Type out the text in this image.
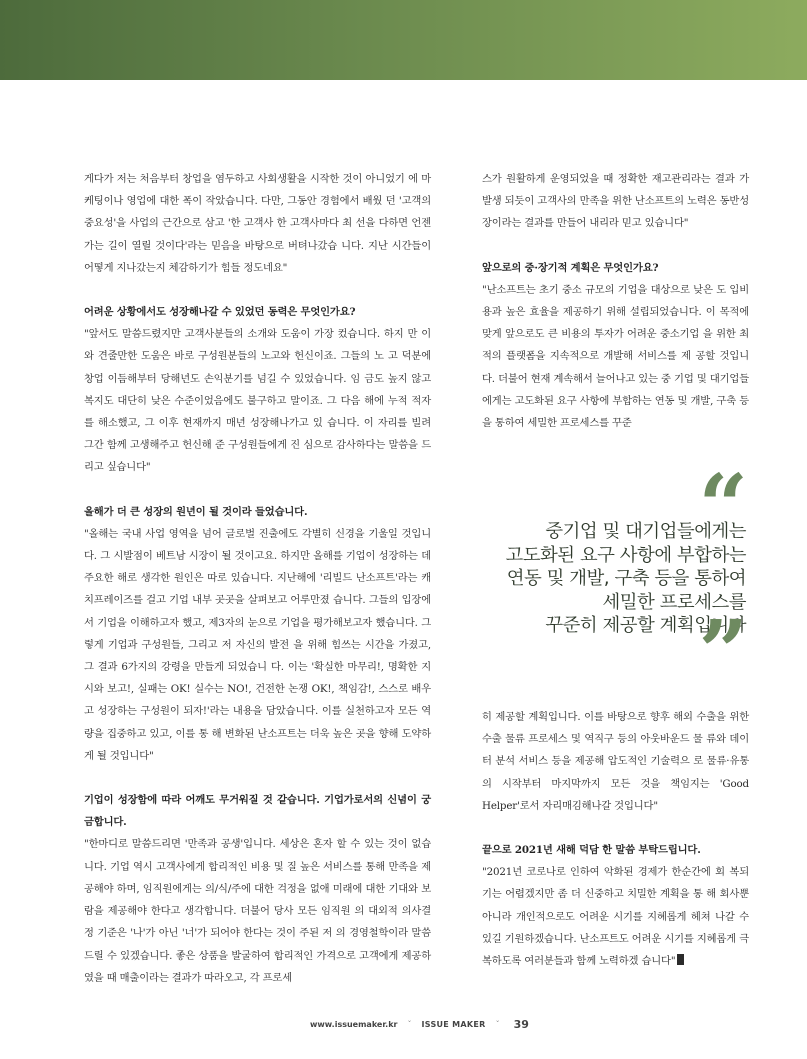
게다가 저는 처음부터 창업을 염두하고 사회생활을 시작한 것이 아니었기 에 마케팅이나 영업에 대한 폭이 작았습니다. 다만, 그동안 경험에서 배웠 던 '고객의 중요성'을 사업의 근간으로 삼고 '한 고객사 한 고객사마다 최 선을 다하면 언젠가는 길이 열릴 것이다'라는 믿음을 바탕으로 버텨나갔습 니다. 지난 시간들이 어떻게 지나갔는지 체감하기가 힘들 정도네요"

어려운 상황에서도 성장해나갈 수 있었던 동력은 무엇인가요?

"앞서도 말씀드렸지만 고객사분들의 소개와 도움이 가장 컸습니다. 하지 만 이와 견줄만한 도움은 바로 구성원분들의 노고와 헌신이죠. 그들의 노 고 덕분에 창업 이듬해부터 당해년도 손익분기를 넘길 수 있었습니다. 임 금도 높지 않고 복지도 대단히 낮은 수준이었음에도 불구하고 말이죠. 그 다음 해에 누적 적자를 해소했고, 그 이후 현재까지 매년 성장해나가고 있 습니다. 이 자리를 빌려 그간 함께 고생해주고 헌신해 준 구성원들에게 진 심으로 감사하다는 말씀을 드리고 싶습니다"

올해가 더 큰 성장의 원년이 될 것이라 들었습니다.

"올해는 국내 사업 영역을 넘어 글로벌 진출에도 각별히 신경을 기울일 것입니다. 그 시발점이 베트남 시장이 될 것이고요. 하지만 올해를 기업이 성장하는 데 주요한 해로 생각한 원인은 따로 있습니다. 지난해에 '리빌드 난소프트'라는 캐치프레이즈를 걸고 기업 내부 곳곳을 살펴보고 어루만졌 습니다. 그들의 입장에서 기업을 이해하고자 했고, 제3자의 눈으로 기업을 평가해보고자 했습니다. 그렇게 기업과 구성원들, 그리고 저 자신의 발전 을 위해 힘쓰는 시간을 가졌고, 그 결과 6가지의 강령을 만들게 되었습니 다. 이는 '확실한 마무리!, 명확한 지시와 보고!, 실패는 OK! 실수는 NO!, 건전한 논쟁 OK!, 책임감!, 스스로 배우고 성장하는 구성원이 되자!'라는 내용을 담았습니다. 이를 실천하고자 모든 역량을 집중하고 있고, 이를 통 해 변화된 난소프트는 더욱 높은 곳을 향해 도약하게 될 것입니다"

기업이 성장함에 따라 어깨도 무거워질 것 같습니다. 기업가로서의 신념이 궁금합니다.

"한마디로 말씀드리면 '만족과 공생'입니다. 세상은 혼자 할 수 있는 것이 없습니다. 기업 역시 고객사에게 합리적인 비용 및 질 높은 서비스를 통해 만족을 제공해야 하며, 임직원에게는 의/식/주에 대한 걱정을 없애 미래에 대한 기대와 보람을 제공해야 한다고 생각합니다. 더불어 당사 모든 임직원 의 대외적 의사결정 기준은 '나'가 아닌 '너'가 되어야 한다는 것이 주된 저 의 경영철학이라 말씀드릴 수 있겠습니다. 좋은 상품을 발굴하여 합리적인 가격으로 고객에게 제공하였을 때 매출이라는 결과가 따라오고, 각 프로세

스가 원활하게 운영되었을 때 정확한 재고관리라는 결과 가 발생 되듯이 고객사의 만족을 위한 난소프트의 노력은 동반성장이라는 결과를 만들어 내리라 믿고 있습니다"

앞으로의 중·장기적 계획은 무엇인가요?

"난소프트는 초기 중소 규모의 기업을 대상으로 낮은 도 입비용과 높은 효율을 제공하기 위해 설립되었습니다. 이 목적에 맞게 앞으로도 큰 비용의 투자가 어려운 중소기업 을 위한 최적의 플랫폼을 지속적으로 개발해 서비스를 제 공할 것입니다. 더불어 현재 계속해서 늘어나고 있는 중 기업 및 대기업들에게는 고도화된 요구 사항에 부합하는 연동 및 개발, 구축 등을 통하여 세밀한 프로세스를 꾸준

“
중기업 및 대기업들에게는
고도화된 요구 사항에 부합하는
연동 및 개발, 구축 등을 통하여
세밀한 프로세스를
꾸준히 제공할 계획입니다
”

히 제공할 계획입니다. 이를 바탕으로 향후 해외 수출을 위한 수출 물류 프로세스 및 역직구 등의 아웃바운드 물 류와 데이터 분석 서비스 등을 제공해 압도적인 기술력으 로 물류·유통의 시작부터 마지막까지 모든 것을 책임지는 'Good Helper'로서 자리매김해나갈 것입니다"

끝으로 2021년 새해 덕담 한 말씀 부탁드립니다.

"2021년 코로나로 인하여 악화된 경제가 한순간에 회 복되기는 어렵겠지만 좀 더 신중하고 치밀한 계획을 통 해 회사뿐 아니라 개인적으로도 어려운 시기를 지혜롭게 헤쳐 나갈 수 있길 기원하겠습니다. 난소프트도 어려운 시기를 지혜롭게 극복하도록 여러분들과 함께 노력하겠 습니다"

www.issuemaker.kr ˇ ISSUE MAKER ˇ 39
